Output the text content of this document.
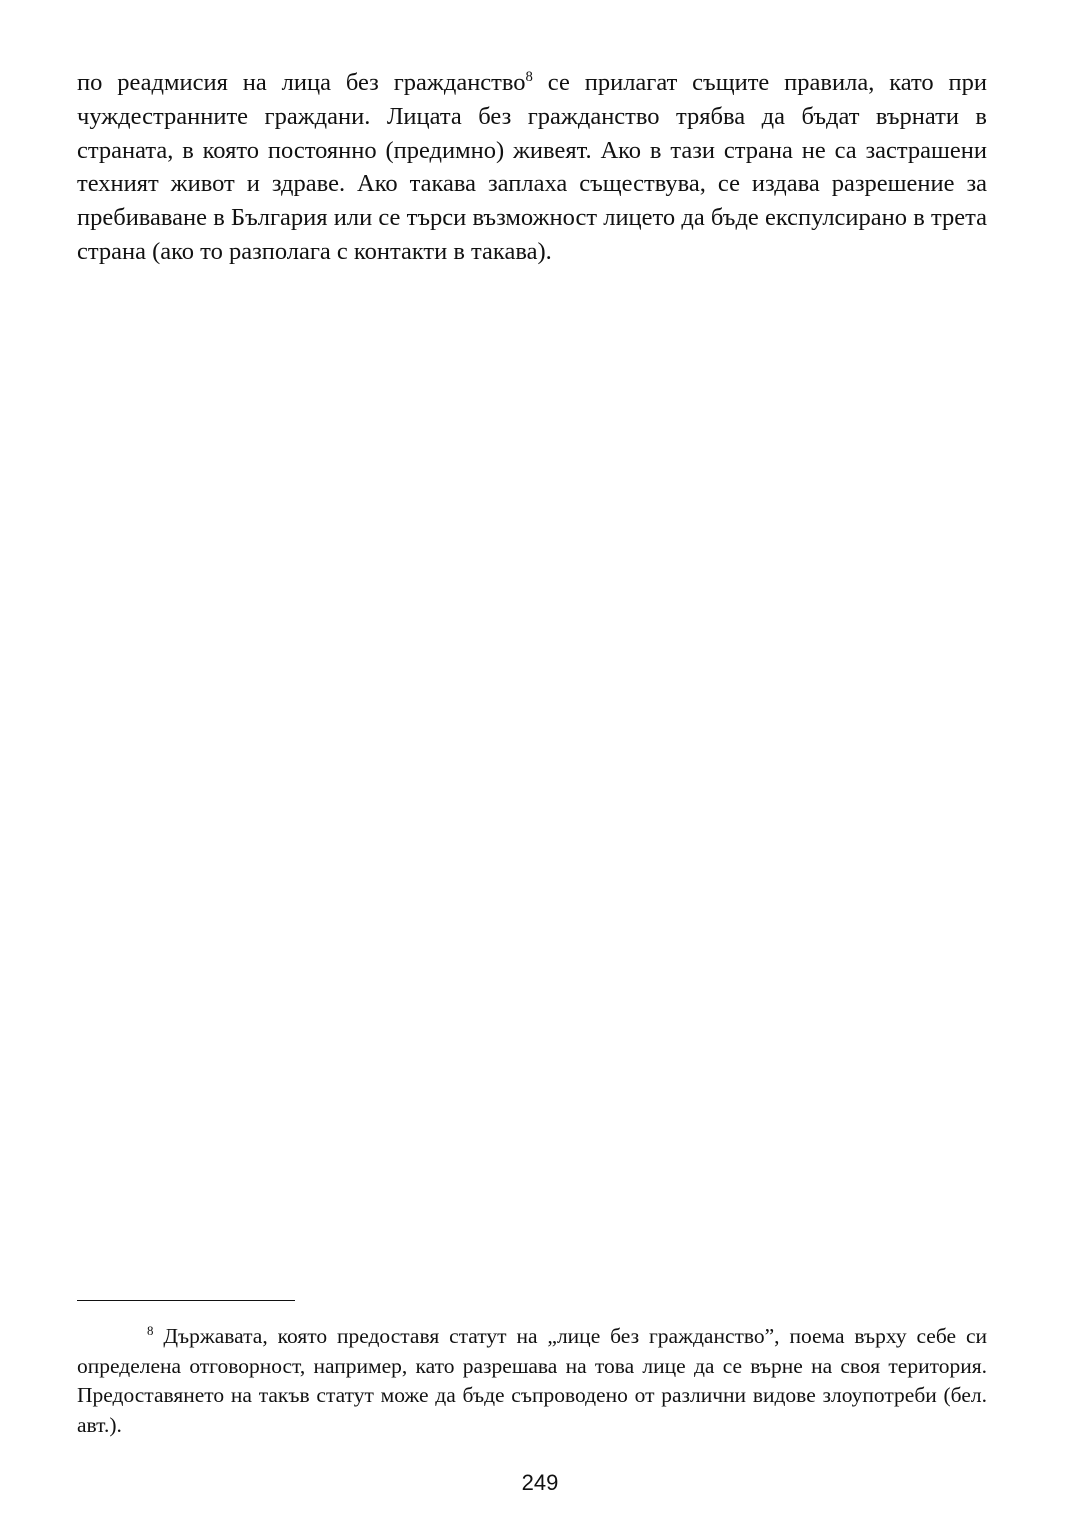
по реадмисия на лица без гражданство$^8$ се прилагат същите правила, като при чуждестранните граждани. Лицата без гражданство трябва да бъдат върнати в страната, в която постоянно (предимно) живеят. Ако в тази страна не са застрашени техният живот и здраве. Ако такава заплаха съществува, се издава разрешение за пребиваване в България или се търси възможност лицето да бъде експулсирано в трета страна (ако то разполага с контакти в такава).

$^8$ Държавата, която предоставя статут на „лице без гражданство”, поема върху себе си определена отговорност, например, като разрешава на това лице да се върне на своя територия. Предоставянето на такъв статут може да бъде съпроводено от различни видове злоупотреби (бел. авт.).

249
